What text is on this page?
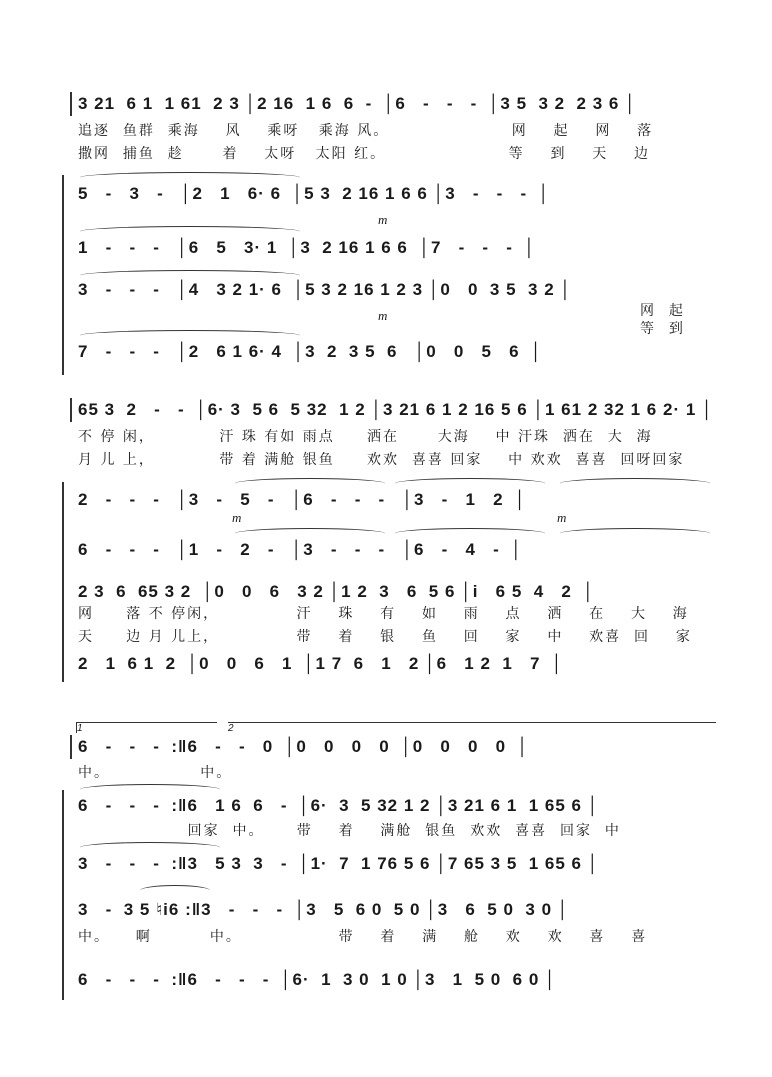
3 21  6 1  1 61  2 3 │2 16  1 6  6  -  │6   -   -   -  │3 5  3 2  2 3 6 │
追逐  鱼群  乘海    风    乘呀   乘海 风。                   网    起    网    落
撒网  捕鱼  趁      着    太呀   太阳 红。                   等    到    天    边
5   -   3   -   │2   1   6· 6  │5 3  2 16 1 6 6 │3   -   -   -  │
m
1   -   -   -   │6   5   3· 1  │3  2 16 1 6 6  │7   -   -   -  │
3   -   -   -   │4   3 2 1· 6  │5 3 2 16 1 2 3 │0   0  3 5  3 2 │
网  起
等  到
m
7   -   -   -   │2   6 1 6· 4  │3  2  3 5  6   │0   0   5   6  │
65 3  2   -   -  │6· 3  5 6  5 32  1 2 │3 21 6 1 2 16 5 6 │1 61 2 32 1 6 2· 1 │
不 停 闲，          汗 珠 有如 雨点     洒在      大海    中 汗珠  洒在  大  海
月 儿 上，          带 着 满舱 银鱼     欢欢  喜喜 回家    中 欢欢  喜喜  回呀回家
2   -   -   -   │3   -   5   -   │6   -   -   -   │3   -   1   2  │
m	m
6   -   -   -   │1   -   2   -   │3   -   -   -   │6   -   4   -  │
2 3  6  65 3 2  │0   0   6   3 2 │1 2  3   6  5 6 │i   6 5  4   2  │
网     落 不 停闲，            汗    珠    有    如    雨    点    洒    在    大    海
天     边 月 儿上，            带    着    银    鱼    回    家    中    欢喜  回    家
2   1  6 1  2  │0   0   6   1  │1 7  6   1   2 │6   1 2  1   7  │
1	2
6   -   -   -  :‖6   -   -   0  │0   0   0   0  │0   0   0   0  │
中。              中。
6   -   -   -  :‖6   1 6  6   -  │6·  3  5 32 1 2 │3 21 6 1  1 65 6 │
回家  中。     带    着    满舱  银鱼  欢欢  喜喜  回家  中
3   -   -   -  :‖3   5 3  3   -  │1·  7  1 76 5 6 │7 65 3 5  1 65 6 │
3   -  3 5 ♮i6 :‖3   -   -   -  │3   5  6 0  5 0 │3   6  5 0  3 0 │
中。    啊         中。               带    着    满    舱    欢    欢    喜    喜
6   -   -   -  :‖6   -   -   -  │6·  1  3 0  1 0 │3   1  5 0  6 0 │
